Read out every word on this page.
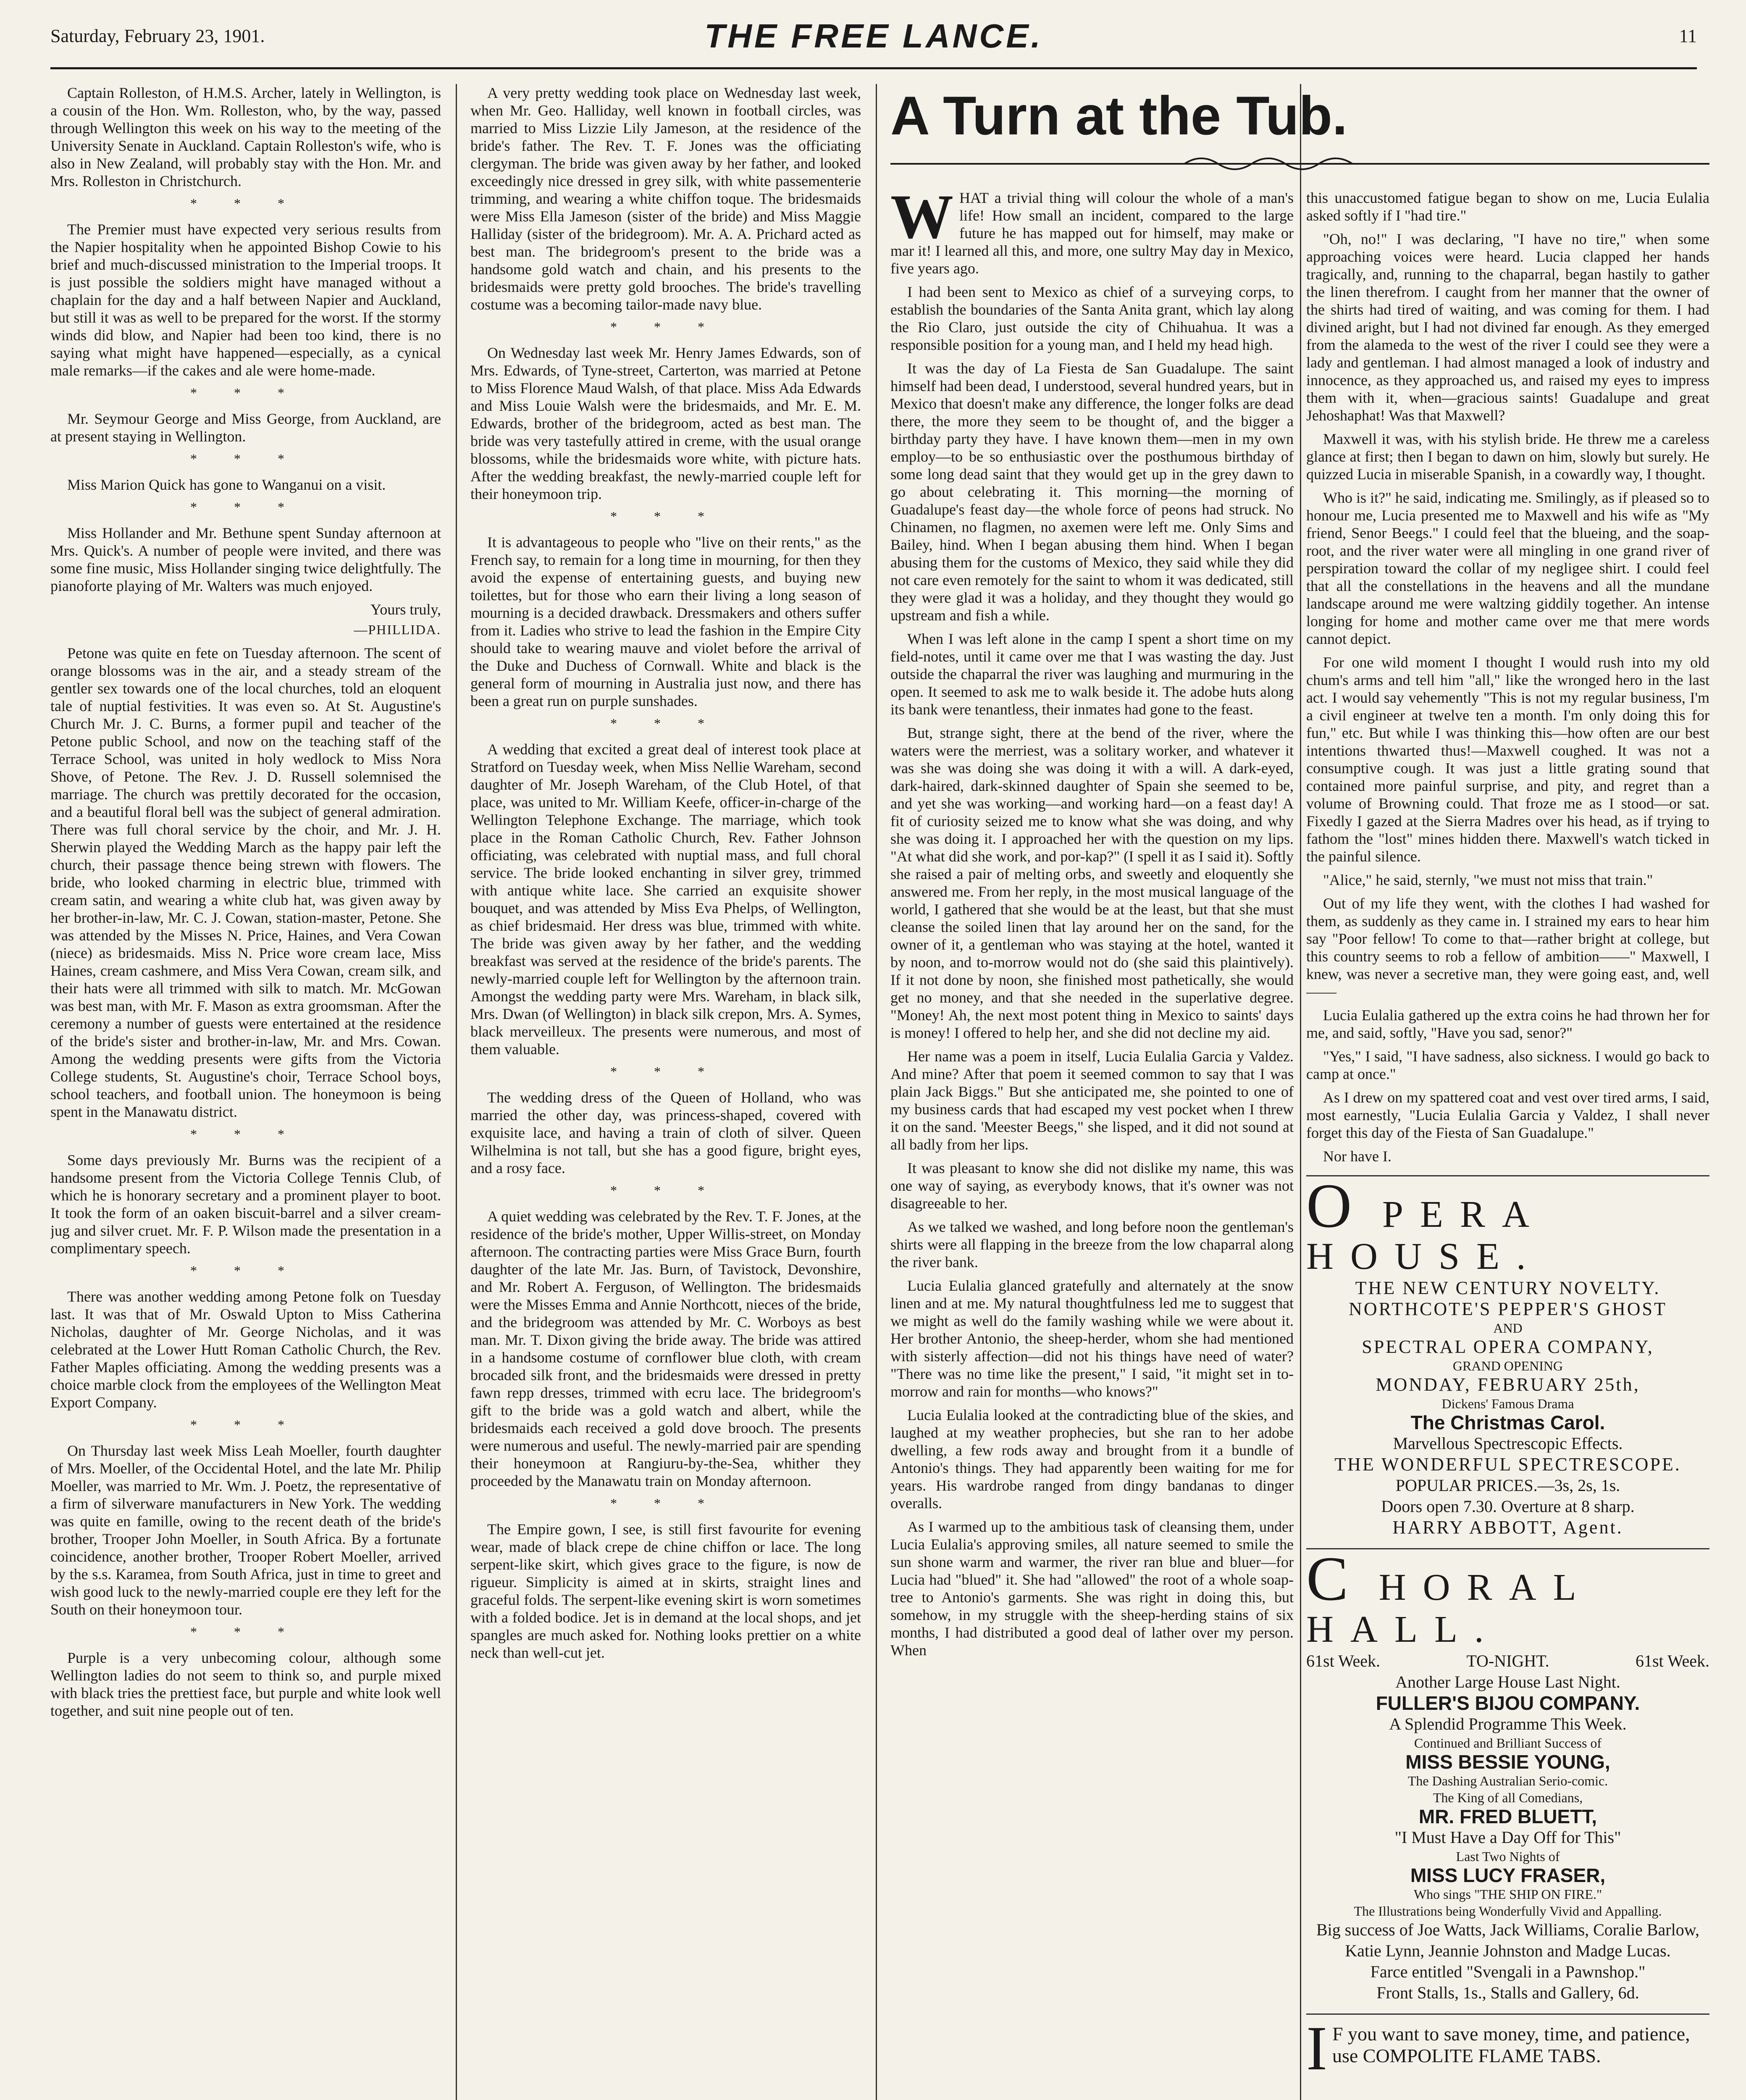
Saturday, February 23, 1901.	THE FREE LANCE.	11
Captain Rolleston, of H.M.S. Archer, lately in Wellington, is a cousin of the Hon. Wm. Rolleston, who, by the way, passed through Wellington this week on his way to the meeting of the University Senate in Auckland. Captain Rolleston's wife, who is also in New Zealand, will probably stay with the Hon. Mr. and Mrs. Rolleston in Christchurch.
* * *
The Premier must have expected very serious results from the Napier hospitality when he appointed Bishop Cowie to his brief and much-discussed ministration to the Imperial troops. It is just possible the soldiers might have managed without a chaplain for the day and a half between Napier and Auckland, but still it was as well to be prepared for the worst. If the stormy winds did blow, and Napier had been too kind, there is no saying what might have happened—especially, as a cynical male remarks—if the cakes and ale were home-made.
* * *
Mr. Seymour George and Miss George, from Auckland, are at present staying in Wellington.
* * *
Miss Marion Quick has gone to Wanganui on a visit.
* * *
Miss Hollander and Mr. Bethune spent Sunday afternoon at Mrs. Quick's. A number of people were invited, and there was some fine music, Miss Hollander singing twice delightfully. The pianoforte playing of Mr. Walters was much enjoyed.
Yours truly,
—PHILLIDA.
Petone was quite en fete on Tuesday afternoon. The scent of orange blossoms was in the air, and a steady stream of the gentler sex towards one of the local churches, told an eloquent tale of nuptial festivities. It was even so. At St. Augustine's Church Mr. J. C. Burns, a former pupil and teacher of the Petone public School, and now on the teaching staff of the Terrace School, was united in holy wedlock to Miss Nora Shove, of Petone. The Rev. J. D. Russell solemnised the marriage. The church was prettily decorated for the occasion, and a beautiful floral bell was the subject of general admiration. There was full choral service by the choir, and Mr. J. H. Sherwin played the Wedding March as the happy pair left the church, their passage thence being strewn with flowers. The bride, who looked charming in electric blue, trimmed with cream satin, and wearing a white club hat, was given away by her brother-in-law, Mr. C. J. Cowan, station-master, Petone. She was attended by the Misses N. Price, Haines, and Vera Cowan (niece) as bridesmaids. Miss N. Price wore cream lace, Miss Haines, cream cashmere, and Miss Vera Cowan, cream silk, and their hats were all trimmed with silk to match. Mr. McGowan was best man, with Mr. F. Mason as extra groomsman. After the ceremony a number of guests were entertained at the residence of the bride's sister and brother-in-law, Mr. and Mrs. Cowan. Among the wedding presents were gifts from the Victoria College students, St. Augustine's choir, Terrace School boys, school teachers, and football union. The honeymoon is being spent in the Manawatu district.
* * *
Some days previously Mr. Burns was the recipient of a handsome present from the Victoria College Tennis Club, of which he is honorary secretary and a prominent player to boot. It took the form of an oaken biscuit-barrel and a silver cream-jug and silver cruet. Mr. F. P. Wilson made the presentation in a complimentary speech.
* * *
There was another wedding among Petone folk on Tuesday last. It was that of Mr. Oswald Upton to Miss Catherina Nicholas, daughter of Mr. George Nicholas, and it was celebrated at the Lower Hutt Roman Catholic Church, the Rev. Father Maples officiating. Among the wedding presents was a choice marble clock from the employees of the Wellington Meat Export Company.
* * *
On Thursday last week Miss Leah Moeller, fourth daughter of Mrs. Moeller, of the Occidental Hotel, and the late Mr. Philip Moeller, was married to Mr. Wm. J. Poetz, the representative of a firm of silverware manufacturers in New York. The wedding was quite en famille, owing to the recent death of the bride's brother, Trooper John Moeller, in South Africa. By a fortunate coincidence, another brother, Trooper Robert Moeller, arrived by the s.s. Karamea, from South Africa, just in time to greet and wish good luck to the newly-married couple ere they left for the South on their honeymoon tour.
* * *
Purple is a very unbecoming colour, although some Wellington ladies do not seem to think so, and purple mixed with black tries the prettiest face, but purple and white look well together, and suit nine people out of ten.
A very pretty wedding took place on Wednesday last week, when Mr. Geo. Halliday, well known in football circles, was married to Miss Lizzie Lily Jameson, at the residence of the bride's father. The Rev. T. F. Jones was the officiating clergyman. The bride was given away by her father, and looked exceedingly nice dressed in grey silk, with white passementerie trimming, and wearing a white chiffon toque. The bridesmaids were Miss Ella Jameson (sister of the bride) and Miss Maggie Halliday (sister of the bridegroom). Mr. A. A. Prichard acted as best man. The bridegroom's present to the bride was a handsome gold watch and chain, and his presents to the bridesmaids were pretty gold brooches. The bride's travelling costume was a becoming tailor-made navy blue.
* * *
On Wednesday last week Mr. Henry James Edwards, son of Mrs. Edwards, of Tyne-street, Carterton, was married at Petone to Miss Florence Maud Walsh, of that place. Miss Ada Edwards and Miss Louie Walsh were the bridesmaids, and Mr. E. M. Edwards, brother of the bridegroom, acted as best man. The bride was very tastefully attired in creme, with the usual orange blossoms, while the bridesmaids wore white, with picture hats. After the wedding breakfast, the newly-married couple left for their honeymoon trip.
* * *
It is advantageous to people who "live on their rents," as the French say, to remain for a long time in mourning, for then they avoid the expense of entertaining guests, and buying new toilettes, but for those who earn their living a long season of mourning is a decided drawback. Dressmakers and others suffer from it. Ladies who strive to lead the fashion in the Empire City should take to wearing mauve and violet before the arrival of the Duke and Duchess of Cornwall. White and black is the general form of mourning in Australia just now, and there has been a great run on purple sunshades.
* * *
A wedding that excited a great deal of interest took place at Stratford on Tuesday week, when Miss Nellie Wareham, second daughter of Mr. Joseph Wareham, of the Club Hotel, of that place, was united to Mr. William Keefe, officer-in-charge of the Wellington Telephone Exchange. The marriage, which took place in the Roman Catholic Church, Rev. Father Johnson officiating, was celebrated with nuptial mass, and full choral service. The bride looked enchanting in silver grey, trimmed with antique white lace. She carried an exquisite shower bouquet, and was attended by Miss Eva Phelps, of Wellington, as chief bridesmaid. Her dress was blue, trimmed with white. The bride was given away by her father, and the wedding breakfast was served at the residence of the bride's parents. The newly-married couple left for Wellington by the afternoon train. Amongst the wedding party were Mrs. Wareham, in black silk, Mrs. Dwan (of Wellington) in black silk crepon, Mrs. A. Symes, black merveilleux. The presents were numerous, and most of them valuable.
* * *
The wedding dress of the Queen of Holland, who was married the other day, was princess-shaped, covered with exquisite lace, and having a train of cloth of silver. Queen Wilhelmina is not tall, but she has a good figure, bright eyes, and a rosy face.
* * *
A quiet wedding was celebrated by the Rev. T. F. Jones, at the residence of the bride's mother, Upper Willis-street, on Monday afternoon. The contracting parties were Miss Grace Burn, fourth daughter of the late Mr. Jas. Burn, of Tavistock, Devonshire, and Mr. Robert A. Ferguson, of Wellington. The bridesmaids were the Misses Emma and Annie Northcott, nieces of the bride, and the bridegroom was attended by Mr. C. Worboys as best man. Mr. T. Dixon giving the bride away. The bride was attired in a handsome costume of cornflower blue cloth, with cream brocaded silk front, and the bridesmaids were dressed in pretty fawn repp dresses, trimmed with ecru lace. The bridegroom's gift to the bride was a gold watch and albert, while the bridesmaids each received a gold dove brooch. The presents were numerous and useful. The newly-married pair are spending their honeymoon at Rangiuru-by-the-Sea, whither they proceeded by the Manawatu train on Monday afternoon.
* * *
The Empire gown, I see, is still first favourite for evening wear, made of black crepe de chine chiffon or lace. The long serpent-like skirt, which gives grace to the figure, is now de rigueur. Simplicity is aimed at in skirts, straight lines and graceful folds. The serpent-like evening skirt is worn sometimes with a folded bodice. Jet is in demand at the local shops, and jet spangles are much asked for. Nothing looks prettier on a white neck than well-cut jet.
A Turn at the Tub.
WHAT a trivial thing will colour the whole of a man's life! How small an incident, compared to the large future he has mapped out for himself, may make or mar it! I learned all this, and more, one sultry May day in Mexico, five years ago.
I had been sent to Mexico as chief of a surveying corps, to establish the boundaries of the Santa Anita grant, which lay along the Rio Claro, just outside the city of Chihuahua. It was a responsible position for a young man, and I held my head high.
It was the day of La Fiesta de San Guadalupe. The saint himself had been dead, I understood, several hundred years, but in Mexico that doesn't make any difference, the longer folks are dead there, the more they seem to be thought of, and the bigger a birthday party they have. I have known them—men in my own employ—to be so enthusiastic over the posthumous birthday of some long dead saint that they would get up in the grey dawn to go about celebrating it. This morning—the morning of Guadalupe's feast day—the whole force of peons had struck. No Chinamen, no flagmen, no axemen were left me. Only Sims and Bailey, hind. When I began abusing them hind. When I began abusing them for the customs of Mexico, they said while they did not care even remotely for the saint to whom it was dedicated, still they were glad it was a holiday, and they thought they would go upstream and fish a while.
When I was left alone in the camp I spent a short time on my field-notes, until it came over me that I was wasting the day. Just outside the chaparral the river was laughing and murmuring in the open. It seemed to ask me to walk beside it. The adobe huts along its bank were tenantless, their inmates had gone to the feast.
But, strange sight, there at the bend of the river, where the waters were the merriest, was a solitary worker, and whatever it was she was doing she was doing it with a will. A dark-eyed, dark-haired, dark-skinned daughter of Spain she seemed to be, and yet she was working—and working hard—on a feast day! A fit of curiosity seized me to know what she was doing, and why she was doing it. I approached her with the question on my lips. "At what did she work, and por-kap?" (I spell it as I said it). Softly she raised a pair of melting orbs, and sweetly and eloquently she answered me. From her reply, in the most musical language of the world, I gathered that she would be at the least, but that she must cleanse the soiled linen that lay around her on the sand, for the owner of it, a gentleman who was staying at the hotel, wanted it by noon, and to-morrow would not do (she said this plaintively). If it not done by noon, she finished most pathetically, she would get no money, and that she needed in the superlative degree. "Money! Ah, the next most potent thing in Mexico to saints' days is money! I offered to help her, and she did not decline my aid.
Her name was a poem in itself, Lucia Eulalia Garcia y Valdez. And mine? After that poem it seemed common to say that I was plain Jack Biggs." But she anticipated me, she pointed to one of my business cards that had escaped my vest pocket when I threw it on the sand. 'Meester Beegs," she lisped, and it did not sound at all badly from her lips.
It was pleasant to know she did not dislike my name, this was one way of saying, as everybody knows, that it's owner was not disagreeable to her.
As we talked we washed, and long before noon the gentleman's shirts were all flapping in the breeze from the low chaparral along the river bank.
Lucia Eulalia glanced gratefully and alternately at the snow linen and at me. My natural thoughtfulness led me to suggest that we might as well do the family washing while we were about it. Her brother Antonio, the sheep-herder, whom she had mentioned with sisterly affection—did not his things have need of water? "There was no time like the present," I said, "it might set in to-morrow and rain for months—who knows?"
Lucia Eulalia looked at the contradicting blue of the skies, and laughed at my weather prophecies, but she ran to her adobe dwelling, a few rods away and brought from it a bundle of Antonio's things. They had apparently been waiting for me for years. His wardrobe ranged from dingy bandanas to dinger overalls.
As I warmed up to the ambitious task of cleansing them, under Lucia Eulalia's approving smiles, all nature seemed to smile the sun shone warm and warmer, the river ran blue and bluer—for Lucia had "blued" it. She had "allowed" the root of a whole soap-tree to Antonio's garments. She was right in doing this, but somehow, in my struggle with the sheep-herding stains of six months, I had distributed a good deal of lather over my person. When
this unaccustomed fatigue began to show on me, Lucia Eulalia asked softly if I "had tire."
"Oh, no!" I was declaring, "I have no tire," when some approaching voices were heard. Lucia clapped her hands tragically, and, running to the chaparral, began hastily to gather the linen therefrom. I caught from her manner that the owner of the shirts had tired of waiting, and was coming for them. I had divined aright, but I had not divined far enough. As they emerged from the alameda to the west of the river I could see they were a lady and gentleman. I had almost managed a look of industry and innocence, as they approached us, and raised my eyes to impress them with it, when—gracious saints! Guadalupe and great Jehoshaphat! Was that Maxwell?
Maxwell it was, with his stylish bride. He threw me a careless glance at first; then I began to dawn on him, slowly but surely. He quizzed Lucia in miserable Spanish, in a cowardly way, I thought.
Who is it?" he said, indicating me. Smilingly, as if pleased so to honour me, Lucia presented me to Maxwell and his wife as "My friend, Senor Beegs." I could feel that the blueing, and the soap-root, and the river water were all mingling in one grand river of perspiration toward the collar of my negligee shirt. I could feel that all the constellations in the heavens and all the mundane landscape around me were waltzing giddily together. An intense longing for home and mother came over me that mere words cannot depict.
For one wild moment I thought I would rush into my old chum's arms and tell him "all," like the wronged hero in the last act. I would say vehemently "This is not my regular business, I'm a civil engineer at twelve ten a month. I'm only doing this for fun," etc. But while I was thinking this—how often are our best intentions thwarted thus!—Maxwell coughed. It was not a consumptive cough. It was just a little grating sound that contained more painful surprise, and pity, and regret than a volume of Browning could. That froze me as I stood—or sat. Fixedly I gazed at the Sierra Madres over his head, as if trying to fathom the "lost" mines hidden there. Maxwell's watch ticked in the painful silence.
"Alice," he said, sternly, "we must not miss that train."
Out of my life they went, with the clothes I had washed for them, as suddenly as they came in. I strained my ears to hear him say "Poor fellow! To come to that—rather bright at college, but this country seems to rob a fellow of ambition——" Maxwell, I knew, was never a secretive man, they were going east, and, well——
Lucia Eulalia gathered up the extra coins he had thrown her for me, and said, softly, "Have you sad, senor?"
"Yes," I said, "I have sadness, also sickness. I would go back to camp at once."
As I drew on my spattered coat and vest over tired arms, I said, most earnestly, "Lucia Eulalia Garcia y Valdez, I shall never forget this day of the Fiesta of San Guadalupe."
Nor have I.
O PERA HOUSE.
THE NEW CENTURY NOVELTY.
NORTHCOTE'S PEPPER'S GHOST
AND
SPECTRAL OPERA COMPANY,
GRAND OPENING
MONDAY, FEBRUARY 25th,
Dickens' Famous Drama
The Christmas Carol.
Marvellous Spectrescopic Effects.
THE WONDERFUL SPECTRESCOPE.
POPULAR PRICES.—3s, 2s, 1s.
Doors open 7.30. Overture at 8 sharp.
HARRY ABBOTT, Agent.
C HORAL HALL.
61st Week.	TO-NIGHT.	61st Week.
Another Large House Last Night.
FULLER'S BIJOU COMPANY.
A Splendid Programme This Week.
Continued and Brilliant Success of
MISS BESSIE YOUNG,
The Dashing Australian Serio-comic.
The King of all Comedians,
MR. FRED BLUETT,
"I Must Have a Day Off for This"
Last Two Nights of
MISS LUCY FRASER,
Who sings "THE SHIP ON FIRE."
The Illustrations being Wonderfully Vivid and Appalling.
Big success of Joe Watts, Jack Williams, Coralie Barlow, Katie Lynn, Jeannie Johnston and Madge Lucas.
Farce entitled "Svengali in a Pawnshop."
Front Stalls, 1s., Stalls and Gallery, 6d.
I F you want to save money, time, and patience, use COMPOLITE FLAME TABS.
